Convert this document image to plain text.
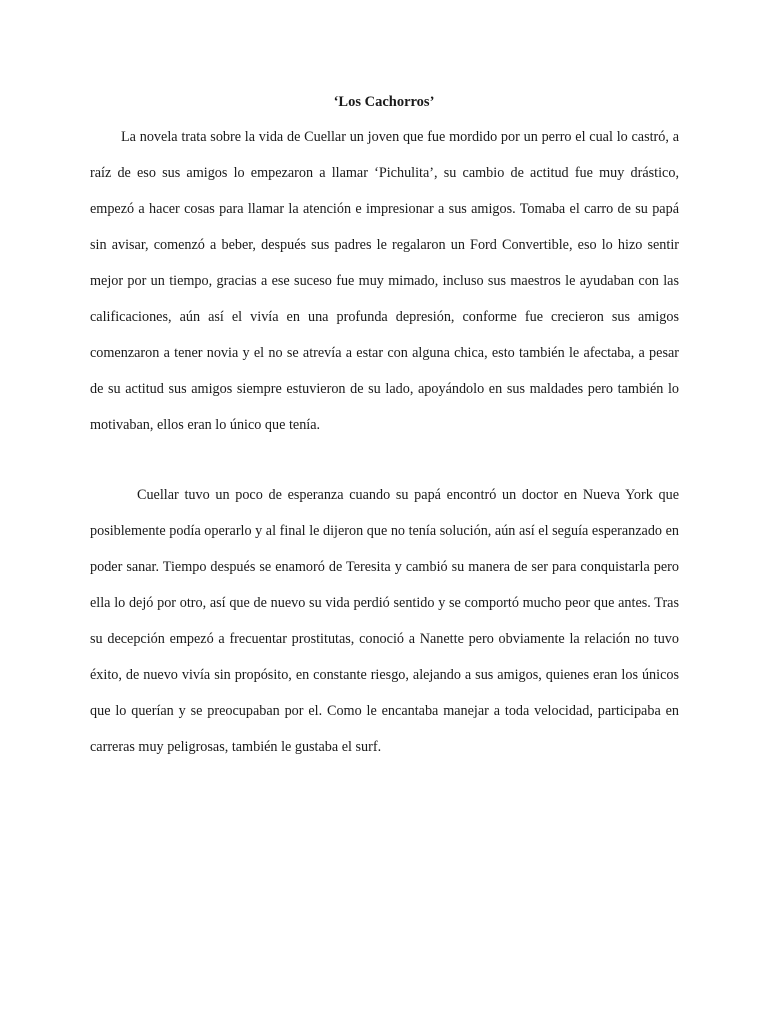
‘Los Cachorros’

La novela trata sobre la vida de Cuellar un joven que fue mordido por un perro el cual lo castró, a raíz de eso sus amigos lo empezaron a llamar ‘Pichulita’, su cambio de actitud fue muy drástico, empezó a hacer cosas para llamar la atención e impresionar a sus amigos. Tomaba el carro de su papá sin avisar, comenzó a beber, después sus padres le regalaron un Ford Convertible, eso lo hizo sentir mejor por un tiempo, gracias a ese suceso fue muy mimado, incluso sus maestros le ayudaban con las calificaciones, aún así el vivía en una profunda depresión, conforme fue crecieron sus amigos comenzaron a tener novia y el no se atrevía a estar con alguna chica, esto también le afectaba, a pesar de su actitud sus amigos siempre estuvieron de su lado, apoyándolo en sus maldades pero también lo motivaban, ellos eran lo único que tenía.

Cuellar tuvo un poco de esperanza cuando su papá encontró un doctor en Nueva York que posiblemente podía operarlo y al final le dijeron que no tenía solución, aún así el seguía esperanzado en poder sanar. Tiempo después se enamoró de Teresita y cambió su manera de ser para conquistarla pero ella lo dejó por otro, así que de nuevo su vida perdió sentido y se comportó mucho peor que antes. Tras su decepción empezó a frecuentar prostitutas, conoció a Nanette pero obviamente la relación no tuvo éxito, de nuevo vivía sin propósito, en constante riesgo, alejando a sus amigos, quienes eran los únicos que lo querían y se preocupaban por el. Como le encantaba manejar a toda velocidad, participaba en carreras muy peligrosas, también le gustaba el surf.
